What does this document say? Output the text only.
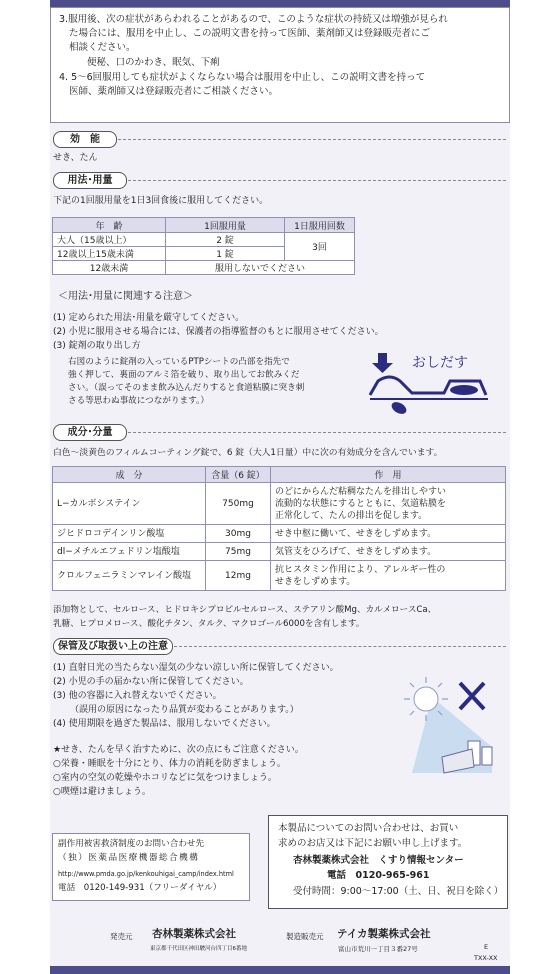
3.服用後、次の症状があらわれることがあるので、このような症状の持続又は増強が見られ
た場合には、服用を中止し、この説明文書を持って医師、薬剤師又は登録販売者にご
相談ください。
便秘、口のかわき、眠気、下痢
4. 5～6回服用しても症状がよくならない場合は服用を中止し、この説明文書を持って
医師、薬剤師又は登録販売者にご相談ください。
効　能
せき、たん
用法･用量
下記の1回服用量を1日3回食後に服用してください。
年　齢	1回服用量	1日服用回数
大人（15歳以上）	2 錠	3回
12歳以上15歳未満	1 錠	
12歳未満	服用しないでください	
＜用法･用量に関連する注意＞
(1) 定められた用法･用量を厳守してください。
(2) 小児に服用させる場合には、保護者の指導監督のもとに服用させてください。
(3) 錠剤の取り出し方
右図のように錠剤の入っているPTPシートの凸部を指先で
強く押して、裏面のアルミ箔を破り、取り出してお飲みくだ
さい。（誤ってそのまま飲み込んだりすると食道粘膜に突き刺
さる等思わぬ事故につながります。）
おしだす
成分･分量
白色～淡黄色のフィルムコーティング錠で、6 錠（大人1日量）中に次の有効成分を含んでいます。
成　分	含量（6 錠）	作　用
L−カルボシステイン	750mg	のどにからんだ粘稠なたんを排出しやすい
流動的な状態にするとともに、気道粘膜を
正常化して、たんの排出を促します。

ジヒドロコデインリン酸塩	30mg	せき中枢に働いて、せきをしずめます。
dl−メチルエフェドリン塩酸塩	75mg	気管支をひろげて、せきをしずめます。
クロルフェニラミンマレイン酸塩	12mg	抗ヒスタミン作用により、アレルギー性の
せきをしずめます。
添加物として、セルロース、ヒドロキシプロピルセルロース、ステアリン酸Mg、カルメロースCa、
乳糖、ヒプロメロース、酸化チタン、タルク、マクロゴール6000を含有します。
保管及び取扱い上の注意
(1) 直射日光の当たらない湿気の少ない涼しい所に保管してください。
(2) 小児の手の届かない所に保管してください。
(3) 他の容器に入れ替えないでください。
（誤用の原因になったり品質が変わることがあります。）
(4) 使用期限を過ぎた製品は、服用しないでください。
★せき、たんを早く治すために、次の点にもご注意ください。
○栄養・睡眠を十分にとり、体力の消耗を防ぎましょう。
○室内の空気の乾燥やホコリなどに気をつけましょう。
○喫煙は避けましょう。
副作用被害救済制度のお問い合わせ先
（独）医薬品医療機器総合機構
http://www.pmda.go.jp/kenkouhigai_camp/index.html
電話　0120-149-931（フリーダイヤル）
本製品についてのお問い合わせは、お買い
求めのお店又は下記にお願い申し上げます。
杏林製薬株式会社　くすり情報センター
電話　0120-965-961
受付時間：9:00～17:00（土、日、祝日を除く）
発売元 杏林製薬株式会社
東京都千代田区神田駿河台四丁目6番地
製造販売元 テイカ製薬株式会社
富山市荒川一丁目３番27号	E
TXX-XX
